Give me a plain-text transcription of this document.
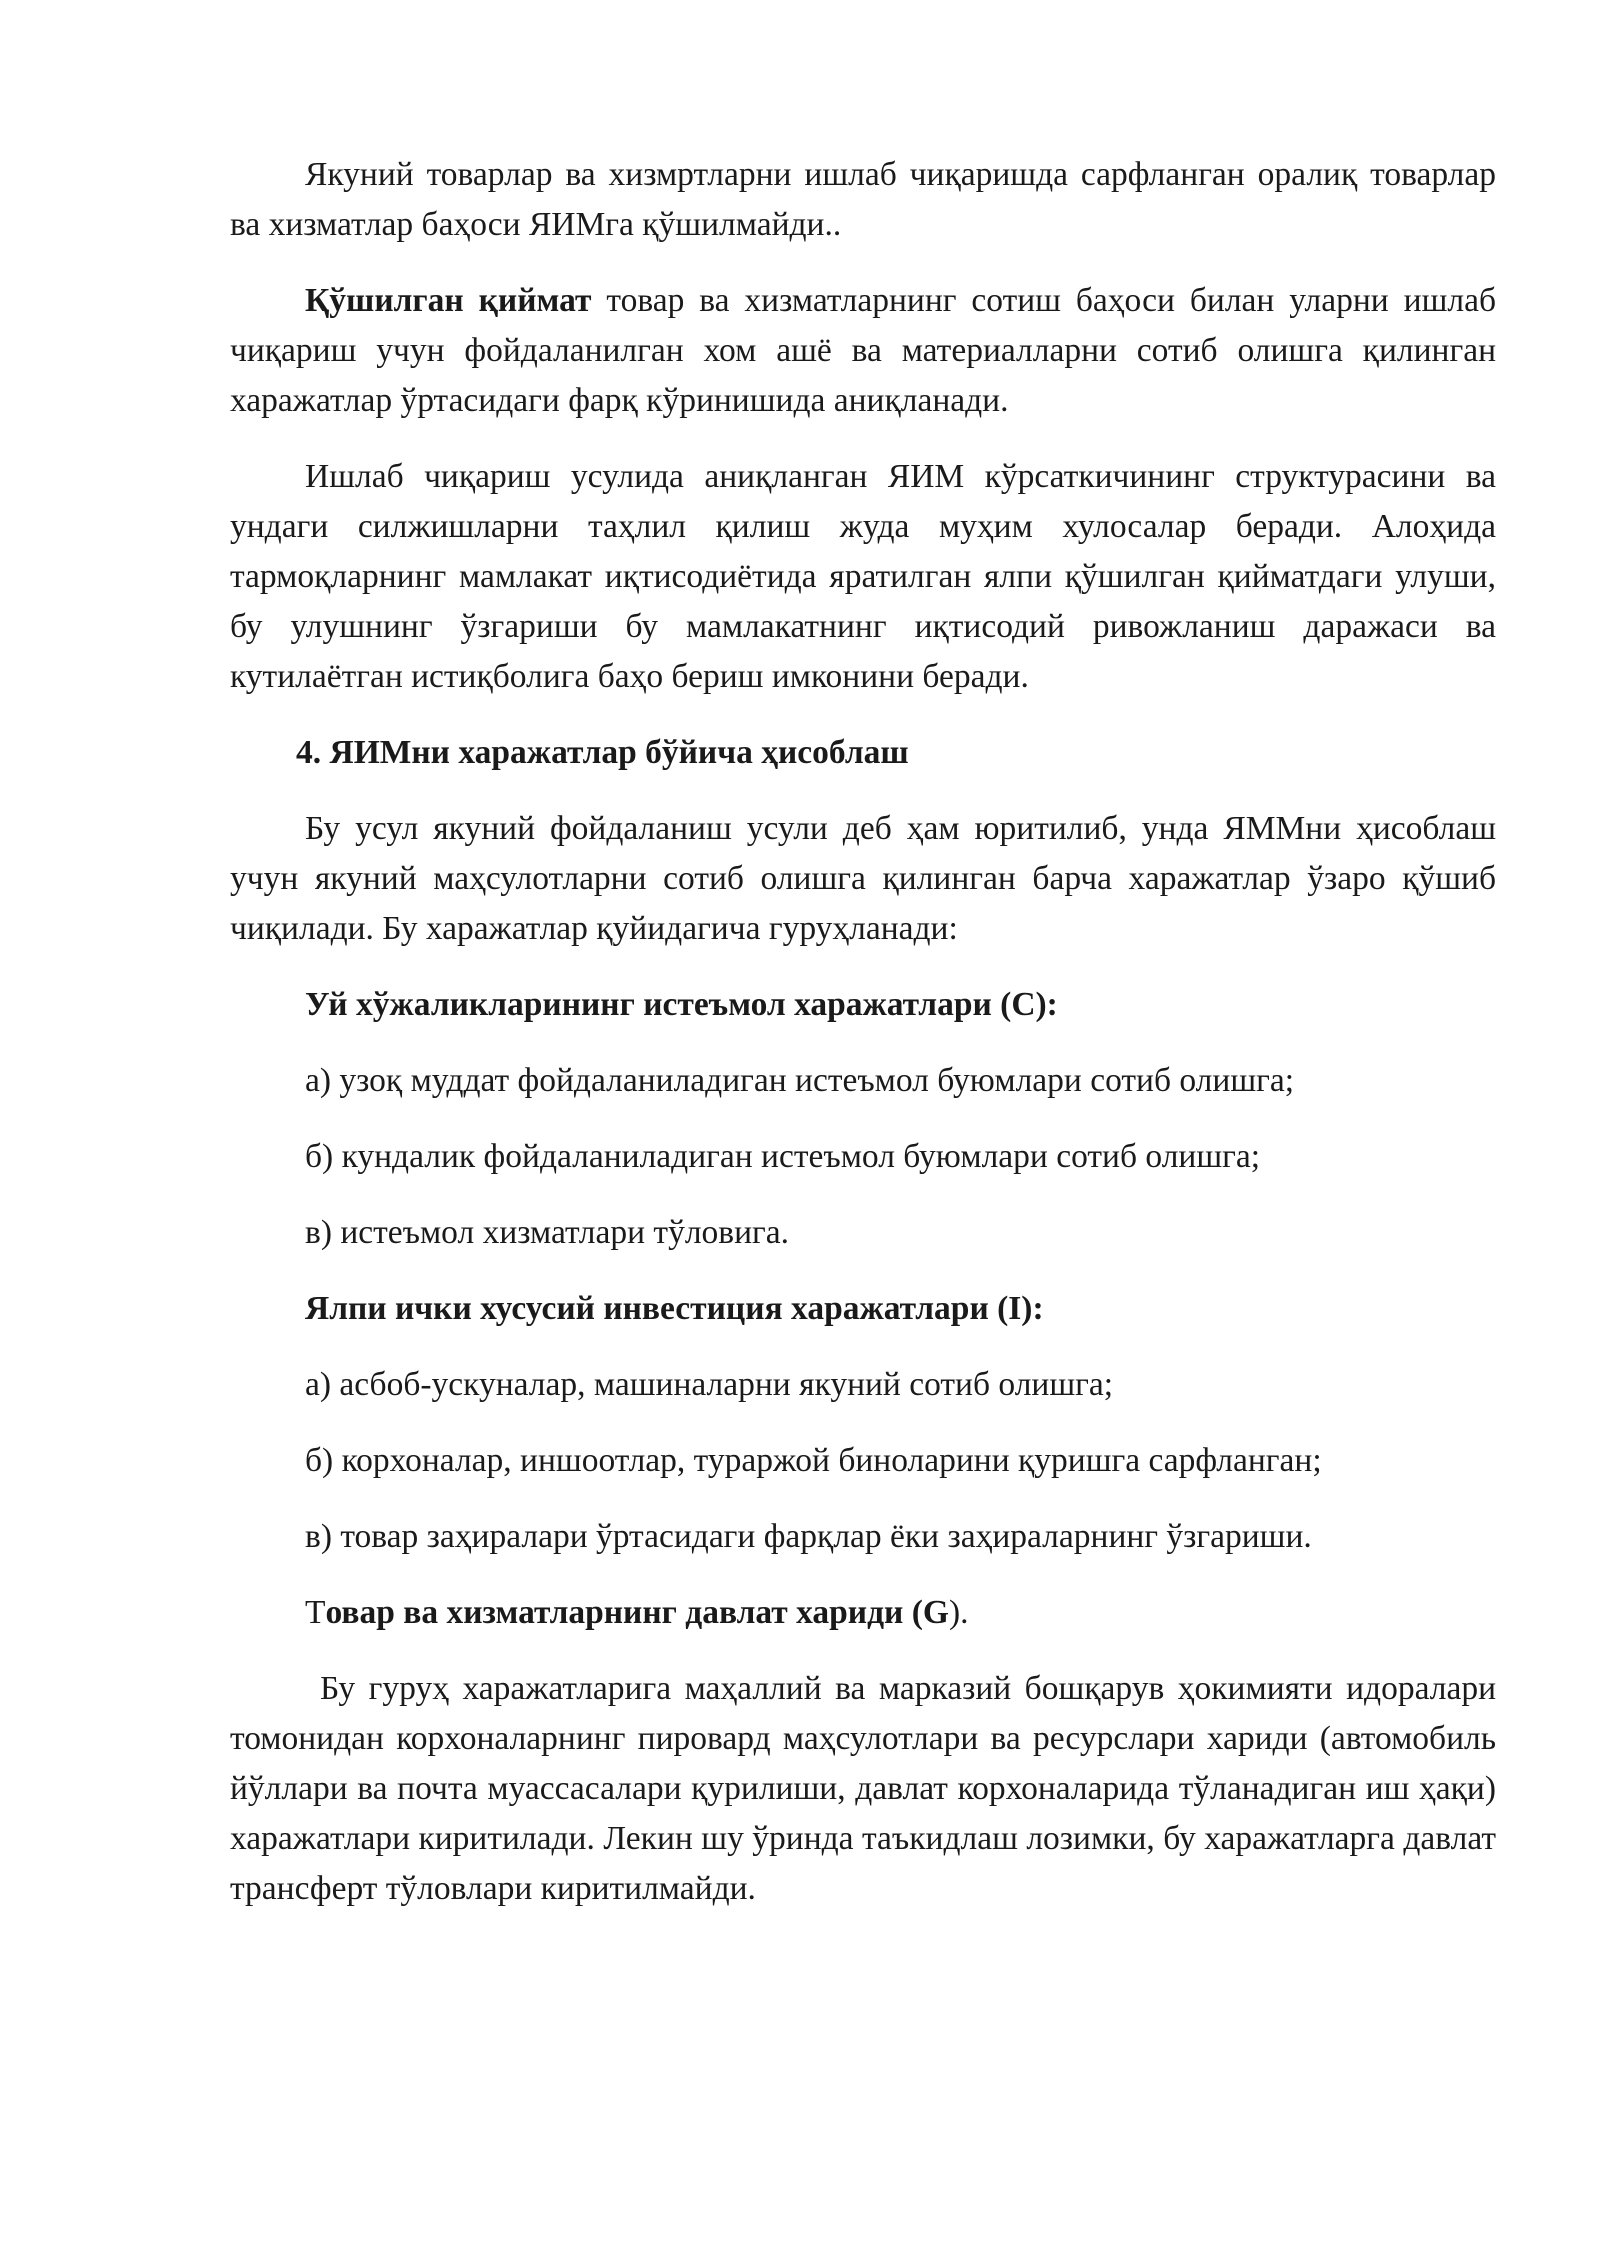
Якуний товарлар ва хизмртларни ишлаб чиқаришда сарфланган оралиқ товарлар ва хизматлар баҳоси ЯИМга қўшилмайди..

Қўшилган қиймат товар ва хизматларнинг сотиш баҳоси билан уларни ишлаб чиқариш учун фойдаланилган хом ашё ва материалларни сотиб олишга қилинган харажатлар ўртасидаги фарқ кўринишида аниқланади.

Ишлаб чиқариш усулида аниқланган ЯИМ кўрсаткичининг структурасини ва ундаги силжишларни таҳлил қилиш жуда муҳим хулосалар беради. Алоҳида тармоқларнинг мамлакат иқтисодиётида яратилган ялпи қўшилган қийматдаги улуши, бу улушнинг ўзгариши бу мамлакатнинг иқтисодий ривожланиш даражаси ва кутилаётган истиқболига баҳо бериш имконини беради.

4. ЯИМни харажатлар бўйича ҳисоблаш

Бу усул якуний фойдаланиш усули деб ҳам юритилиб, унда ЯММни ҳисоблаш учун якуний маҳсулотларни сотиб олишга қилинган барча харажатлар ўзаро қўшиб чиқилади. Бу харажатлар қуйидагича гуруҳланади:

Уй хўжаликларининг истеъмол харажатлари (С):

а) узоқ муддат фойдаланиладиган истеъмол буюмлари сотиб олишга;

б) кундалик фойдаланиладиган истеъмол буюмлари сотиб олишга;

в) истеъмол хизматлари тўловига.

Ялпи ички хусусий инвестиция харажатлари (I):

а) асбоб-ускуналар, машиналарни якуний сотиб олишга;

б) корхоналар, иншоотлар, тураржой биноларини қуришга сарфланган;

в) товар заҳиралари ўртасидаги фарқлар ёки заҳираларнинг ўзгариши.

Товар ва хизматларнинг давлат хариди (G).

Бу гуруҳ харажатларига маҳаллий ва марказий бошқарув ҳокимияти идоралари томонидан корхоналарнинг пировард маҳсулотлари ва ресурслари хариди (автомобиль йўллари ва почта муассасалари қурилиши, давлат корхоналарида тўланадиган иш ҳақи) харажатлари киритилади. Лекин шу ўринда таъкидлаш лозимки, бу харажатларга давлат трансферт тўловлари киритилмайди.
